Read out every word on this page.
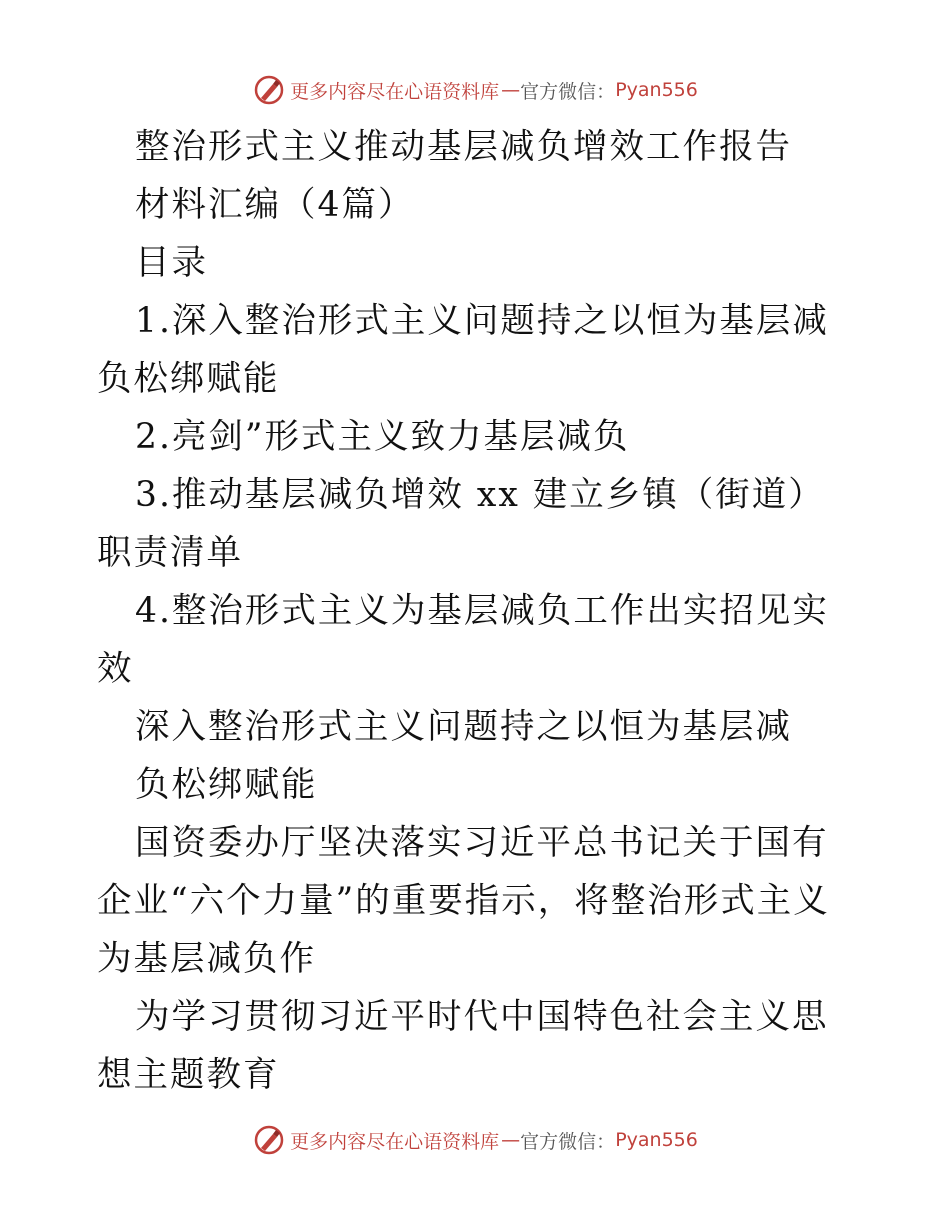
更多内容尽在心语资料库 — 官方微信： Pyan556

整治形式主义推动基层减负增效工作报告

材料汇编（4篇）

目录

1.深入整治形式主义问题持之以恒为基层减负松绑赋能

2.亮剑”形式主义致力基层减负

3.推动基层减负增效 xx 建立乡镇（街道）职责清单

4.整治形式主义为基层减负工作出实招见实效

深入整治形式主义问题持之以恒为基层减

负松绑赋能

国资委办厅坚决落实习近平总书记关于国有企业“六个力量”的重要指示，将整治形式主义为基层减负作

为学习贯彻习近平时代中国特色社会主义思想主题教育

更多内容尽在心语资料库 — 官方微信： Pyan556
